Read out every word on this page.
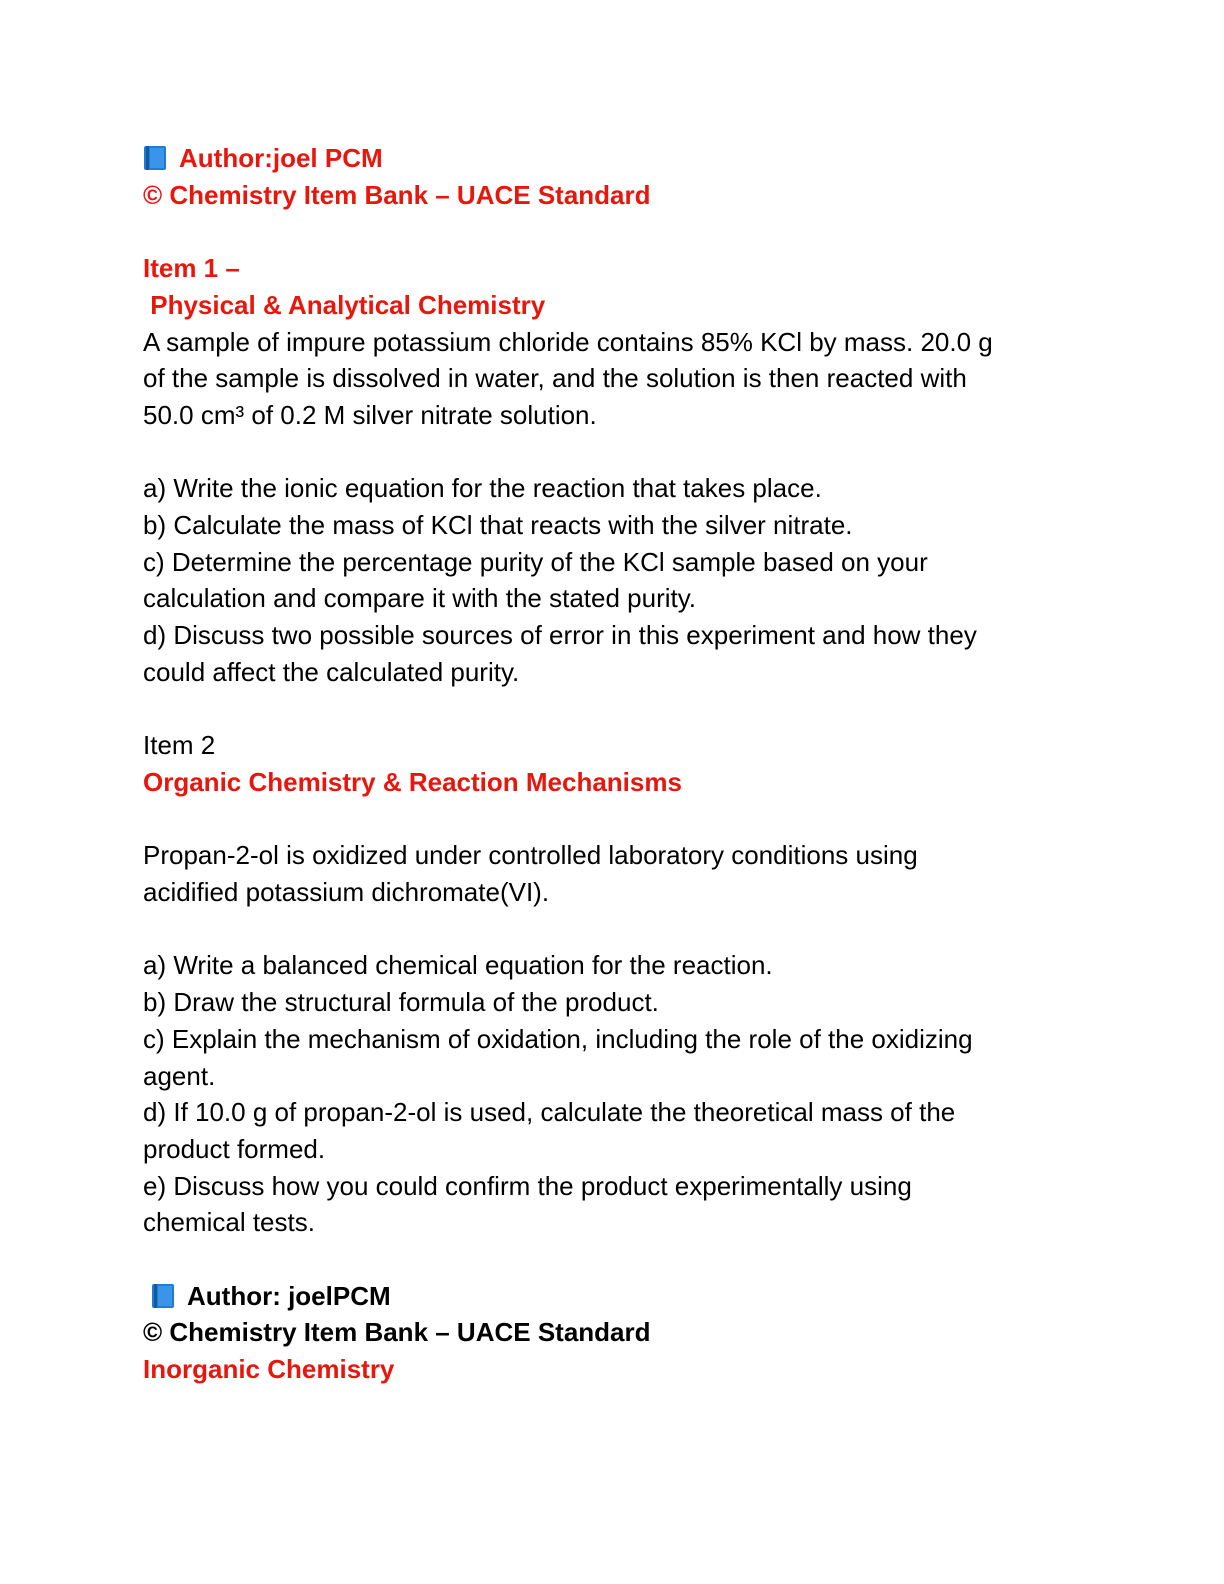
Author:joel PCM
© Chemistry Item Bank – UACE Standard
Item 1 –
Physical & Analytical Chemistry
A sample of impure potassium chloride contains 85% KCl by mass. 20.0 g
of the sample is dissolved in water, and the solution is then reacted with
50.0 cm³ of 0.2 M silver nitrate solution.
a) Write the ionic equation for the reaction that takes place.
b) Calculate the mass of KCl that reacts with the silver nitrate.
c) Determine the percentage purity of the KCl sample based on your
calculation and compare it with the stated purity.
d) Discuss two possible sources of error in this experiment and how they
could affect the calculated purity.
Item 2
Organic Chemistry & Reaction Mechanisms
Propan-2-ol is oxidized under controlled laboratory conditions using
acidified potassium dichromate(VI).
a) Write a balanced chemical equation for the reaction.
b) Draw the structural formula of the product.
c) Explain the mechanism of oxidation, including the role of the oxidizing
agent.
d) If 10.0 g of propan-2-ol is used, calculate the theoretical mass of the
product formed.
e) Discuss how you could confirm the product experimentally using
chemical tests.
Author: joelPCM
© Chemistry Item Bank – UACE Standard
Inorganic Chemistry
